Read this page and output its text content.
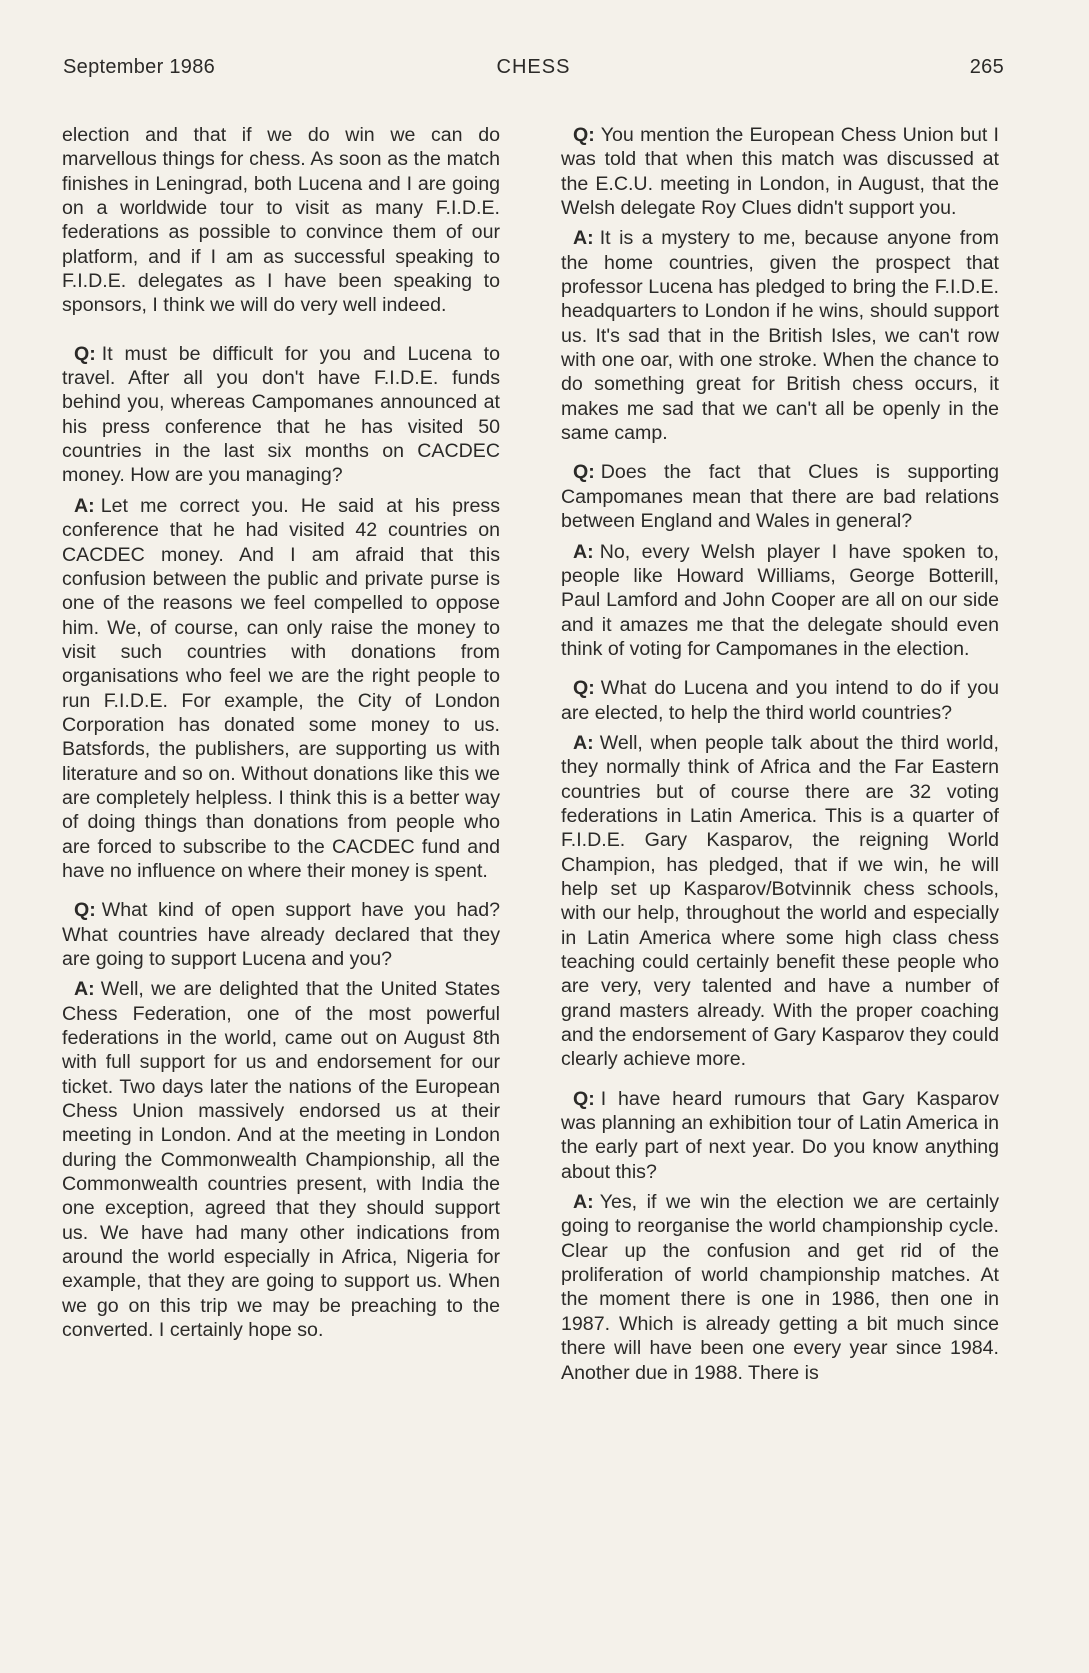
September 1986	CHESS	265

election and that if we do win we can do marvellous things for chess. As soon as the match finishes in Leningrad, both Lucena and I are going on a worldwide tour to visit as many F.I.D.E. federations as possible to convince them of our platform, and if I am as successful speaking to F.I.D.E. delegates as I have been speaking to sponsors, I think we will do very well indeed.

Q: It must be difficult for you and Lucena to travel. After all you don't have F.I.D.E. funds behind you, whereas Campomanes announced at his press conference that he has visited 50 countries in the last six months on CACDEC money. How are you managing?

A: Let me correct you. He said at his press conference that he had visited 42 countries on CACDEC money. And I am afraid that this confusion between the public and private purse is one of the reasons we feel compelled to oppose him. We, of course, can only raise the money to visit such countries with donations from organisations who feel we are the right people to run F.I.D.E. For example, the City of London Corporation has donated some money to us. Batsfords, the publishers, are supporting us with literature and so on. Without donations like this we are completely helpless. I think this is a better way of doing things than donations from people who are forced to subscribe to the CACDEC fund and have no influence on where their money is spent.

Q: What kind of open support have you had? What countries have already declared that they are going to support Lucena and you?

A: Well, we are delighted that the United States Chess Federation, one of the most powerful federations in the world, came out on August 8th with full support for us and endorsement for our ticket. Two days later the nations of the European Chess Union massively endorsed us at their meeting in London. And at the meeting in London during the Commonwealth Championship, all the Commonwealth countries present, with India the one exception, agreed that they should support us. We have had many other indications from around the world especially in Africa, Nigeria for example, that they are going to support us. When we go on this trip we may be preaching to the converted. I certainly hope so.

Q: You mention the European Chess Union but I was told that when this match was discussed at the E.C.U. meeting in London, in August, that the Welsh delegate Roy Clues didn't support you.

A: It is a mystery to me, because anyone from the home countries, given the prospect that professor Lucena has pledged to bring the F.I.D.E. headquarters to London if he wins, should support us. It's sad that in the British Isles, we can't row with one oar, with one stroke. When the chance to do something great for British chess occurs, it makes me sad that we can't all be openly in the same camp.

Q: Does the fact that Clues is supporting Campomanes mean that there are bad relations between England and Wales in general?

A: No, every Welsh player I have spoken to, people like Howard Williams, George Botterill, Paul Lamford and John Cooper are all on our side and it amazes me that the delegate should even think of voting for Campomanes in the election.

Q: What do Lucena and you intend to do if you are elected, to help the third world countries?

A: Well, when people talk about the third world, they normally think of Africa and the Far Eastern countries but of course there are 32 voting federations in Latin America. This is a quarter of F.I.D.E. Gary Kasparov, the reigning World Champion, has pledged, that if we win, he will help set up Kasparov/Botvinnik chess schools, with our help, throughout the world and especially in Latin America where some high class chess teaching could certainly benefit these people who are very, very talented and have a number of grand masters already. With the proper coaching and the endorsement of Gary Kasparov they could clearly achieve more.

Q: I have heard rumours that Gary Kasparov was planning an exhibition tour of Latin America in the early part of next year. Do you know anything about this?

A: Yes, if we win the election we are certainly going to reorganise the world championship cycle. Clear up the confusion and get rid of the proliferation of world championship matches. At the moment there is one in 1986, then one in 1987. Which is already getting a bit much since there will have been one every year since 1984. Another due in 1988. There is
